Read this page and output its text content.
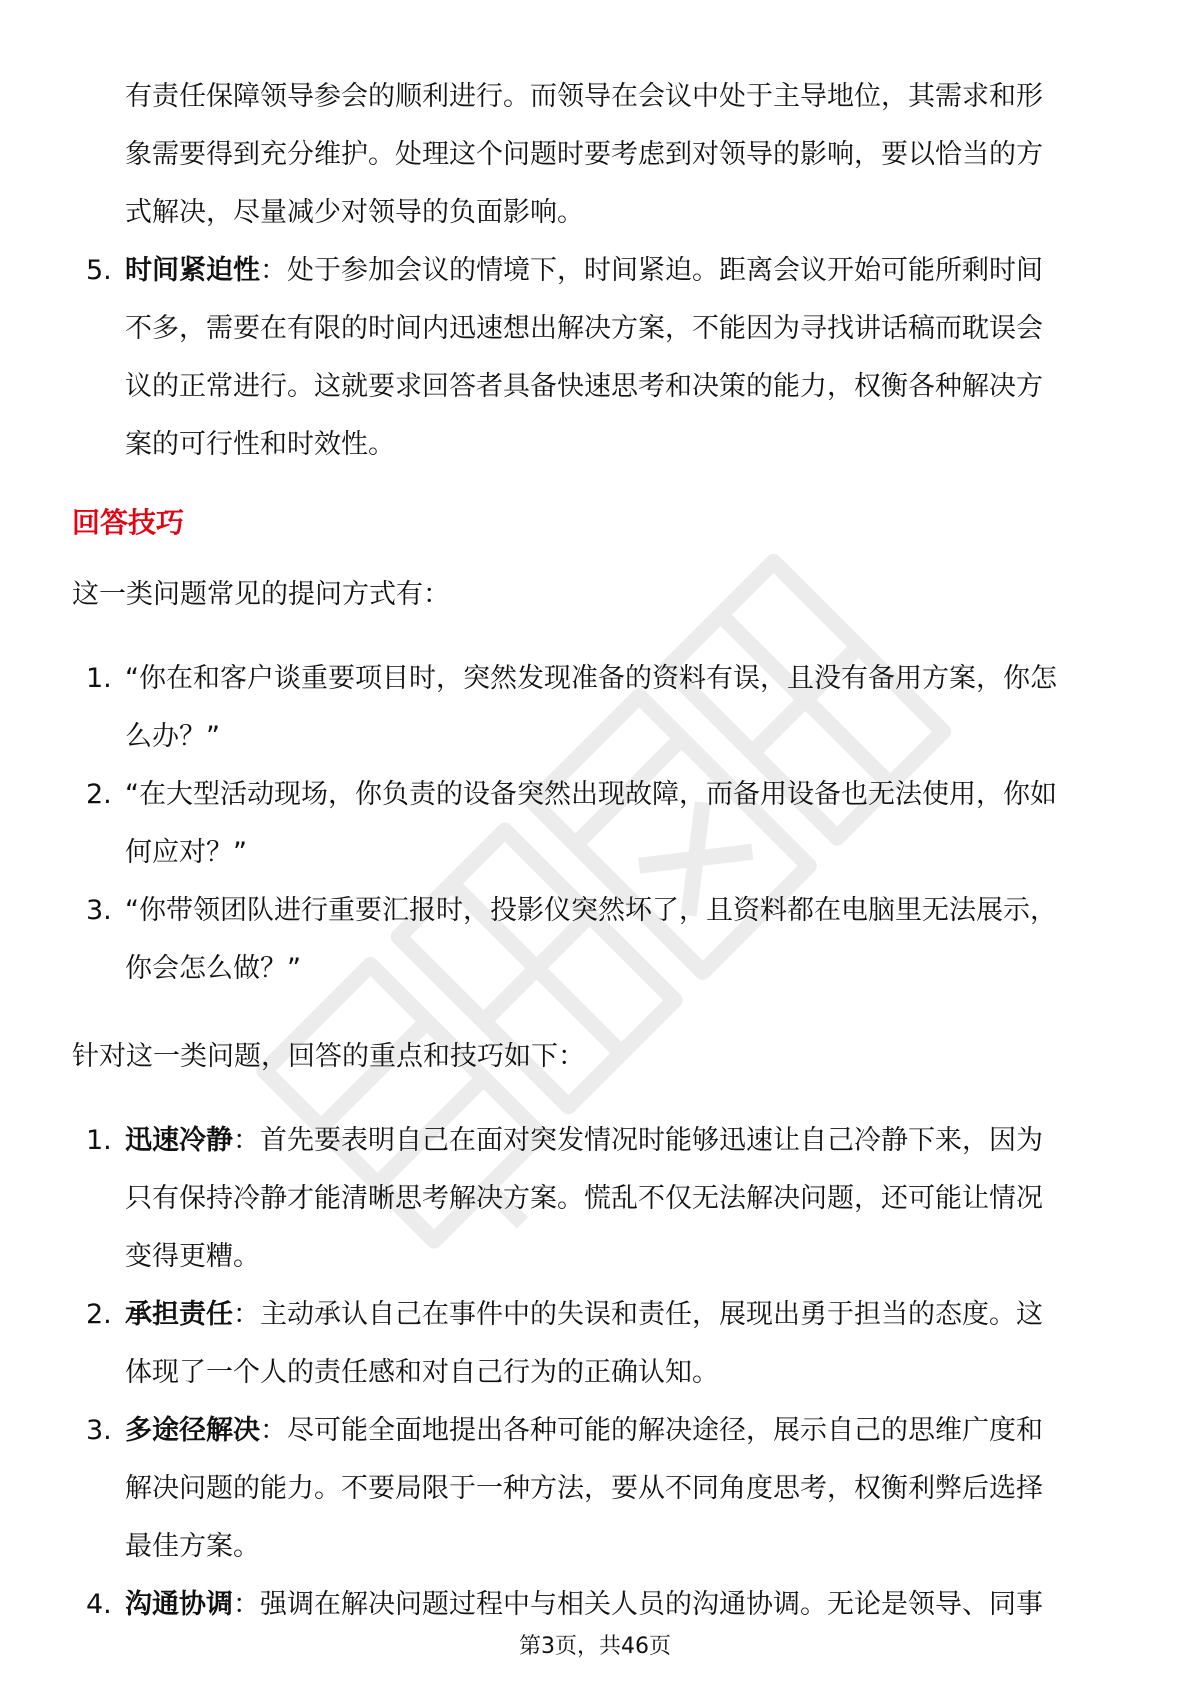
有责任保障领导参会的顺利进行。而领导在会议中处于主导地位，其需求和形

象需要得到充分维护。处理这个问题时要考虑到对领导的影响，要以恰当的方

式解决，尽量减少对领导的负面影响。

5. 时间紧迫性：处于参加会议的情境下，时间紧迫。距离会议开始可能所剩时间

不多，需要在有限的时间内迅速想出解决方案，不能因为寻找讲话稿而耽误会

议的正常进行。这就要求回答者具备快速思考和决策的能力，权衡各种解决方

案的可行性和时效性。

回答技巧

这一类问题常见的提问方式有：

1. “你在和客户谈重要项目时，突然发现准备的资料有误，且没有备用方案，你怎

么办？”

2. “在大型活动现场，你负责的设备突然出现故障，而备用设备也无法使用，你如

何应对？”

3. “你带领团队进行重要汇报时，投影仪突然坏了，且资料都在电脑里无法展示，

你会怎么做？”

针对这一类问题，回答的重点和技巧如下：

1. 迅速冷静：首先要表明自己在面对突发情况时能够迅速让自己冷静下来，因为

只有保持冷静才能清晰思考解决方案。慌乱不仅无法解决问题，还可能让情况

变得更糟。

2. 承担责任：主动承认自己在事件中的失误和责任，展现出勇于担当的态度。这

体现了一个人的责任感和对自己行为的正确认知。

3. 多途径解决：尽可能全面地提出各种可能的解决途径，展示自己的思维广度和

解决问题的能力。不要局限于一种方法，要从不同角度思考，权衡利弊后选择

最佳方案。

4. 沟通协调：强调在解决问题过程中与相关人员的沟通协调。无论是领导、同事

第3页，共46页
